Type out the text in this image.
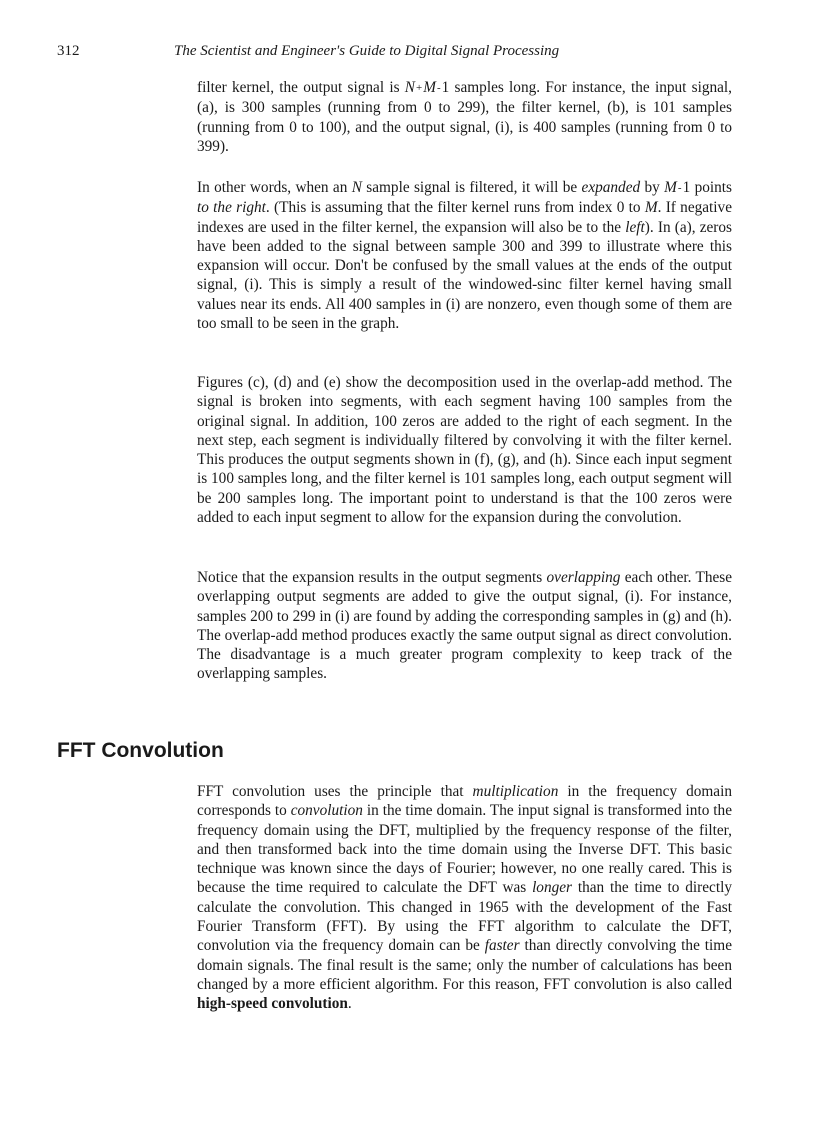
312	The Scientist and Engineer's Guide to Digital Signal Processing

filter kernel, the output signal is N+M-1 samples long. For instance, the input signal, (a), is 300 samples (running from 0 to 299), the filter kernel, (b), is 101 samples (running from 0 to 100), and the output signal, (i), is 400 samples (running from 0 to 399).

In other words, when an N sample signal is filtered, it will be expanded by M-1 points to the right. (This is assuming that the filter kernel runs from index 0 to M. If negative indexes are used in the filter kernel, the expansion will also be to the left). In (a), zeros have been added to the signal between sample 300 and 399 to illustrate where this expansion will occur. Don't be confused by the small values at the ends of the output signal, (i). This is simply a result of the windowed-sinc filter kernel having small values near its ends. All 400 samples in (i) are nonzero, even though some of them are too small to be seen in the graph.

Figures (c), (d) and (e) show the decomposition used in the overlap-add method. The signal is broken into segments, with each segment having 100 samples from the original signal. In addition, 100 zeros are added to the right of each segment. In the next step, each segment is individually filtered by convolving it with the filter kernel. This produces the output segments shown in (f), (g), and (h). Since each input segment is 100 samples long, and the filter kernel is 101 samples long, each output segment will be 200 samples long. The important point to understand is that the 100 zeros were added to each input segment to allow for the expansion during the convolution.

Notice that the expansion results in the output segments overlapping each other. These overlapping output segments are added to give the output signal, (i). For instance, samples 200 to 299 in (i) are found by adding the corresponding samples in (g) and (h). The overlap-add method produces exactly the same output signal as direct convolution. The disadvantage is a much greater program complexity to keep track of the overlapping samples.

FFT Convolution

FFT convolution uses the principle that multiplication in the frequency domain corresponds to convolution in the time domain. The input signal is transformed into the frequency domain using the DFT, multiplied by the frequency response of the filter, and then transformed back into the time domain using the Inverse DFT. This basic technique was known since the days of Fourier; however, no one really cared. This is because the time required to calculate the DFT was longer than the time to directly calculate the convolution. This changed in 1965 with the development of the Fast Fourier Transform (FFT). By using the FFT algorithm to calculate the DFT, convolution via the frequency domain can be faster than directly convolving the time domain signals. The final result is the same; only the number of calculations has been changed by a more efficient algorithm. For this reason, FFT convolution is also called high-speed convolution.
